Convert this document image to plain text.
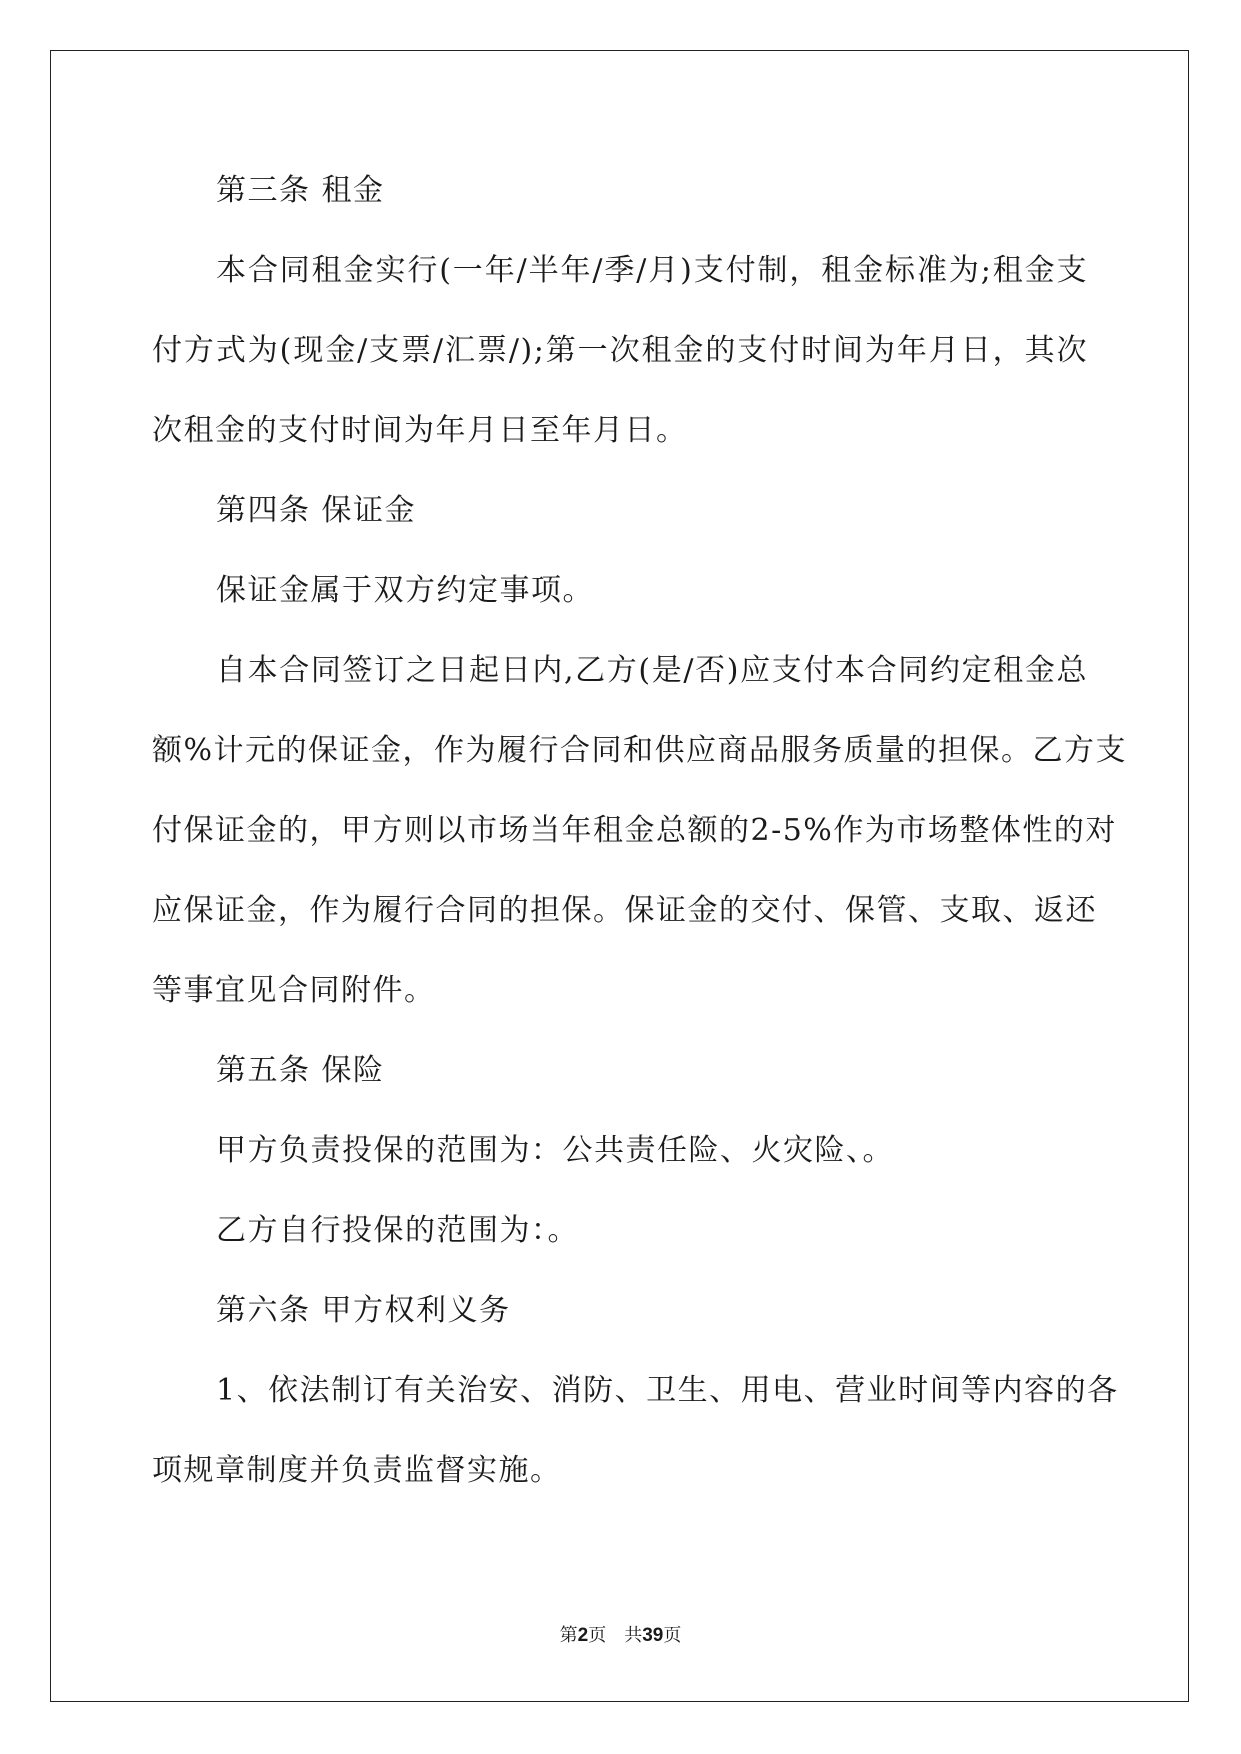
第三条 租金
本合同租金实行(一年/半年/季/月)支付制，租金标准为;租金支
付方式为(现金/支票/汇票/);第一次租金的支付时间为年月日，其次
次租金的支付时间为年月日至年月日。
第四条 保证金
保证金属于双方约定事项。
自本合同签订之日起日内,乙方(是/否)应支付本合同约定租金总
额%计元的保证金，作为履行合同和供应商品服务质量的担保。乙方支
付保证金的，甲方则以市场当年租金总额的2-5%作为市场整体性的对
应保证金，作为履行合同的担保。保证金的交付、保管、支取、返还
等事宜见合同附件。
第五条 保险
甲方负责投保的范围为：公共责任险、火灾险、。
乙方自行投保的范围为：。
第六条 甲方权利义务
1、依法制订有关治安、消防、卫生、用电、营业时间等内容的各
项规章制度并负责监督实施。
第2页 共39页
